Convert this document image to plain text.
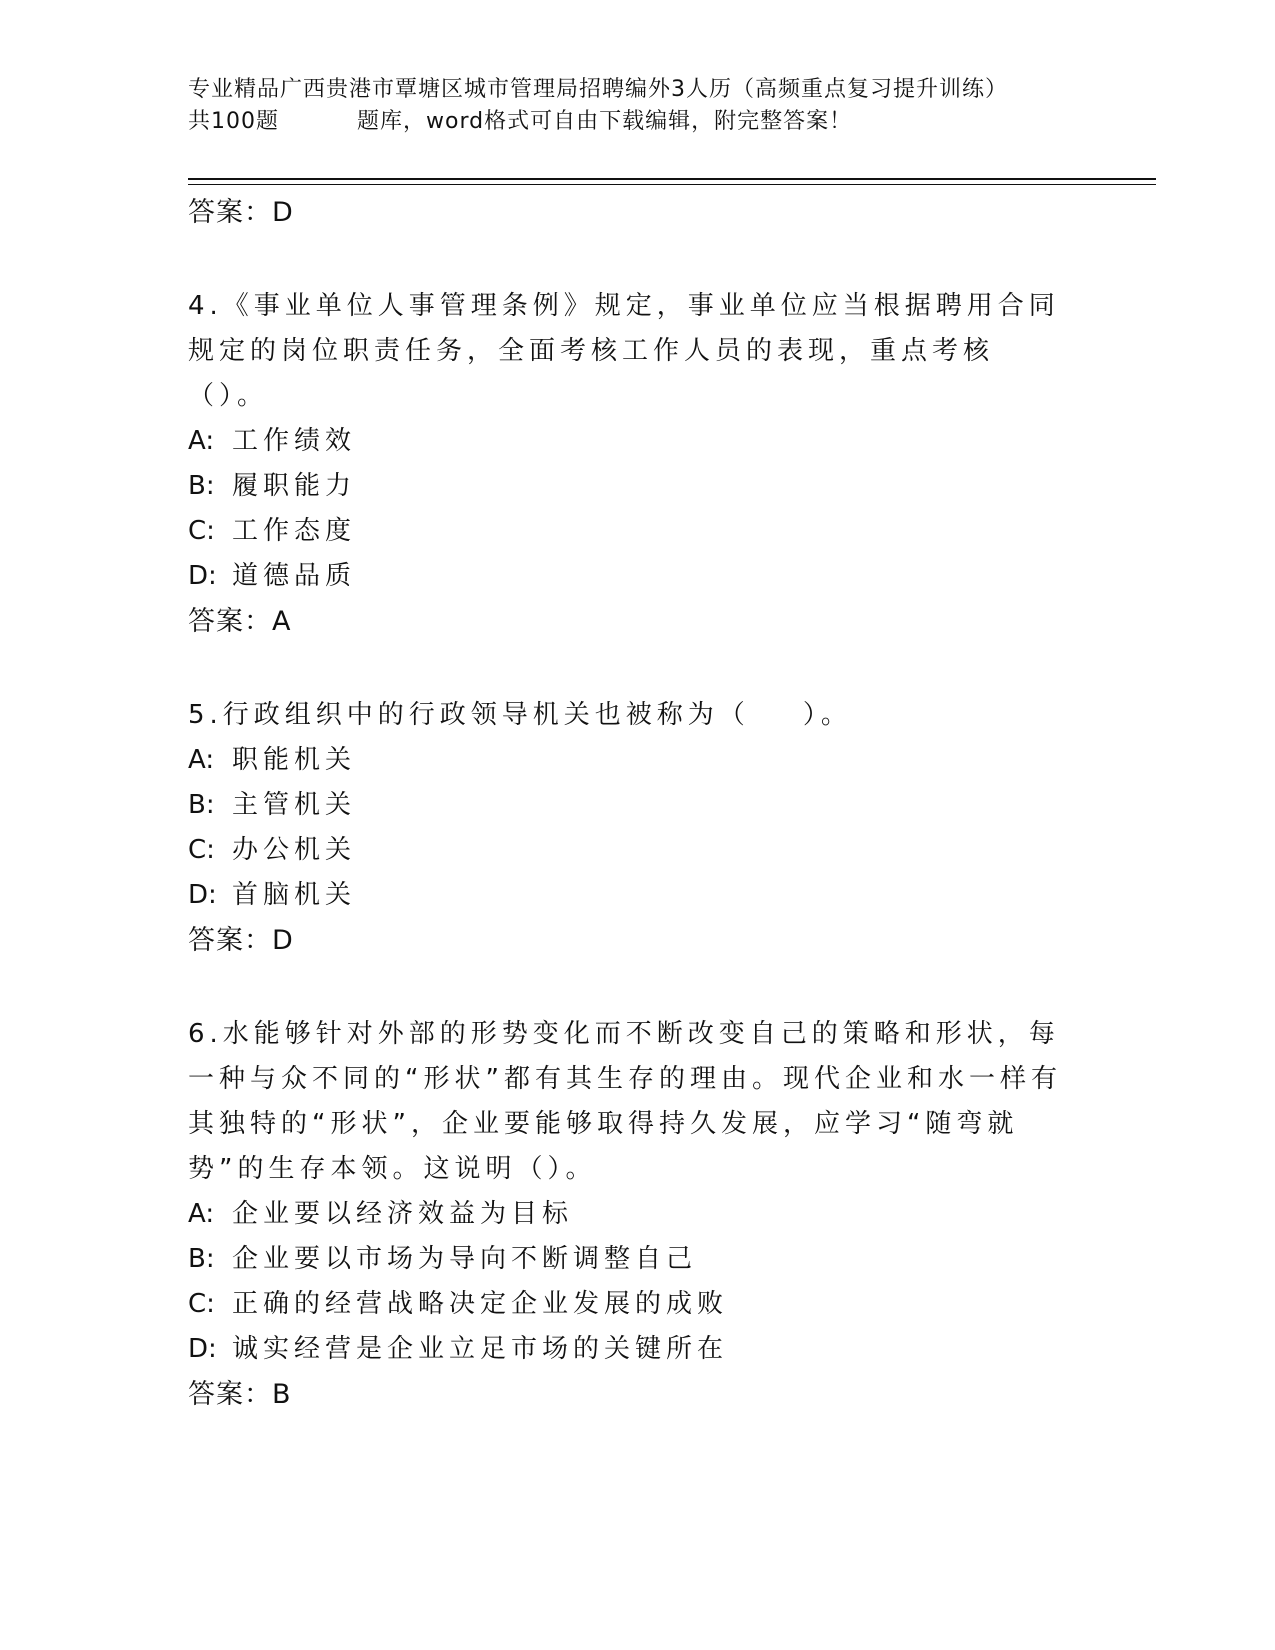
专业精品广西贵港市覃塘区城市管理局招聘编外3人历（高频重点复习提升训练）
共100题	题库，word格式可自由下载编辑，附完整答案！
答案：D
4.《事业单位人事管理条例》规定，事业单位应当根据聘用合同规定的岗位职责任务，全面考核工作人员的表现，重点考核（）。
A: 工作绩效
B: 履职能力
C: 工作态度
D: 道德品质
答案：A
5.行政组织中的行政领导机关也被称为（    ）。
A: 职能机关
B: 主管机关
C: 办公机关
D: 首脑机关
答案：D
6.水能够针对外部的形势变化而不断改变自己的策略和形状，每一种与众不同的“形状”都有其生存的理由。现代企业和水一样有其独特的“形状”，企业要能够取得持久发展，应学习“随弯就势”的生存本领。这说明（）。
A: 企业要以经济效益为目标
B: 企业要以市场为导向不断调整自己
C: 正确的经营战略决定企业发展的成败
D: 诚实经营是企业立足市场的关键所在
答案：B
